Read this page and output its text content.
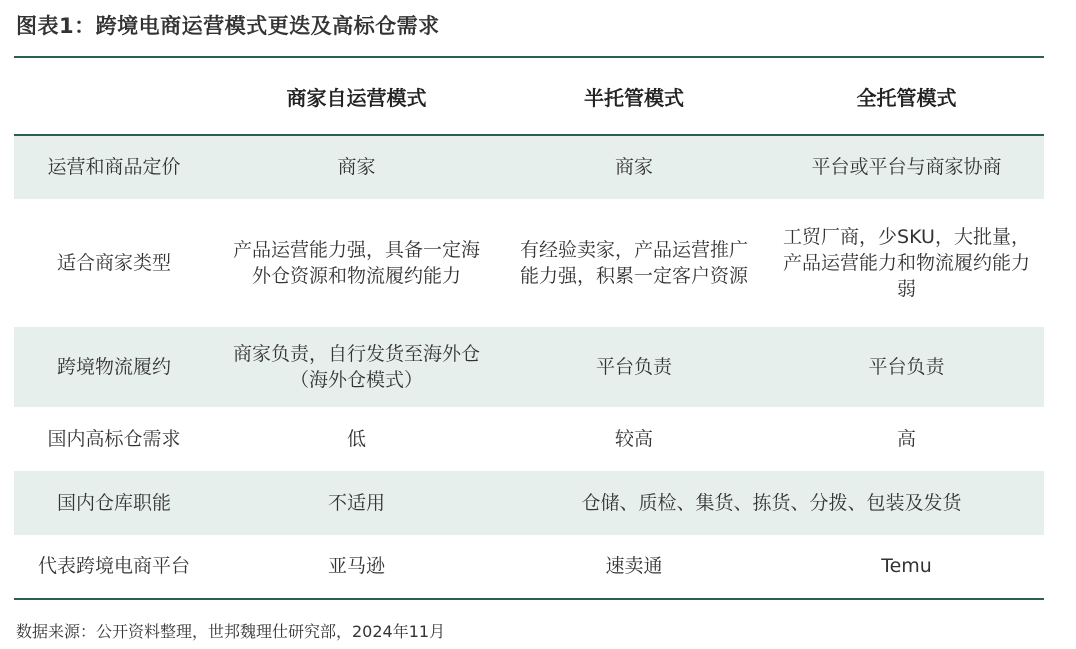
图表1：跨境电商运营模式更迭及高标仓需求
	商家自运营模式	半托管模式	全托管模式
运营和商品定价	商家	商家	平台或平台与商家协商
适合商家类型	产品运营能力强，具备一定海外仓资源和物流履约能力	有经验卖家，产品运营推广能力强，积累一定客户资源	工贸厂商，少SKU，大批量，产品运营能力和物流履约能力弱
跨境物流履约	商家负责，自行发货至海外仓（海外仓模式）	平台负责	平台负责
国内高标仓需求	低	较高	高
国内仓库职能	不适用	仓储、质检、集货、拣货、分拨、包装及发货	
代表跨境电商平台	亚马逊	速卖通	Temu
数据来源：公开资料整理，世邦魏理仕研究部，2024年11月
